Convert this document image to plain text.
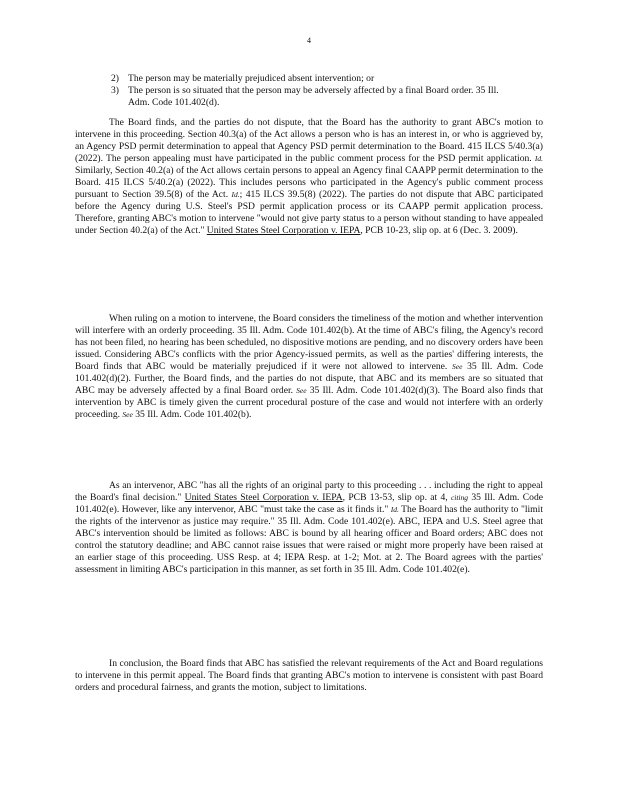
4
2) The person may be materially prejudiced absent intervention; or
3) The person is so situated that the person may be adversely affected by a final Board order. 35 Ill. Adm. Code 101.402(d).

The Board finds, and the parties do not dispute, that the Board has the authority to grant ABC's motion to intervene in this proceeding. Section 40.3(a) of the Act allows a person who is has an interest in, or who is aggrieved by, an Agency PSD permit determination to appeal that Agency PSD permit determination to the Board. 415 ILCS 5/40.3(a) (2022). The person appealing must have participated in the public comment process for the PSD permit application. Id. Similarly, Section 40.2(a) of the Act allows certain persons to appeal an Agency final CAAPP permit determination to the Board. 415 ILCS 5/40.2(a) (2022). This includes persons who participated in the Agency's public comment process pursuant to Section 39.5(8) of the Act. Id.; 415 ILCS 39.5(8) (2022). The parties do not dispute that ABC participated before the Agency during U.S. Steel's PSD permit application process or its CAAPP permit application process. Therefore, granting ABC's motion to intervene "would not give party status to a person without standing to have appealed under Section 40.2(a) of the Act." United States Steel Corporation v. IEPA, PCB 10-23, slip op. at 6 (Dec. 3. 2009).

When ruling on a motion to intervene, the Board considers the timeliness of the motion and whether intervention will interfere with an orderly proceeding. 35 Ill. Adm. Code 101.402(b). At the time of ABC's filing, the Agency's record has not been filed, no hearing has been scheduled, no dispositive motions are pending, and no discovery orders have been issued. Considering ABC's conflicts with the prior Agency-issued permits, as well as the parties' differing interests, the Board finds that ABC would be materially prejudiced if it were not allowed to intervene. See 35 Ill. Adm. Code 101.402(d)(2). Further, the Board finds, and the parties do not dispute, that ABC and its members are so situated that ABC may be adversely affected by a final Board order. See 35 Ill. Adm. Code 101.402(d)(3). The Board also finds that intervention by ABC is timely given the current procedural posture of the case and would not interfere with an orderly proceeding. See 35 Ill. Adm. Code 101.402(b).

As an intervenor, ABC "has all the rights of an original party to this proceeding . . . including the right to appeal the Board's final decision." United States Steel Corporation v. IEPA, PCB 13-53, slip op. at 4, citing 35 Ill. Adm. Code 101.402(e). However, like any intervenor, ABC "must take the case as it finds it." Id. The Board has the authority to "limit the rights of the intervenor as justice may require." 35 Ill. Adm. Code 101.402(e). ABC, IEPA and U.S. Steel agree that ABC's intervention should be limited as follows: ABC is bound by all hearing officer and Board orders; ABC does not control the statutory deadline; and ABC cannot raise issues that were raised or might more properly have been raised at an earlier stage of this proceeding. USS Resp. at 4; IEPA Resp. at 1-2; Mot. at 2. The Board agrees with the parties' assessment in limiting ABC's participation in this manner, as set forth in 35 Ill. Adm. Code 101.402(e).

In conclusion, the Board finds that ABC has satisfied the relevant requirements of the Act and Board regulations to intervene in this permit appeal. The Board finds that granting ABC's motion to intervene is consistent with past Board orders and procedural fairness, and grants the motion, subject to limitations.
